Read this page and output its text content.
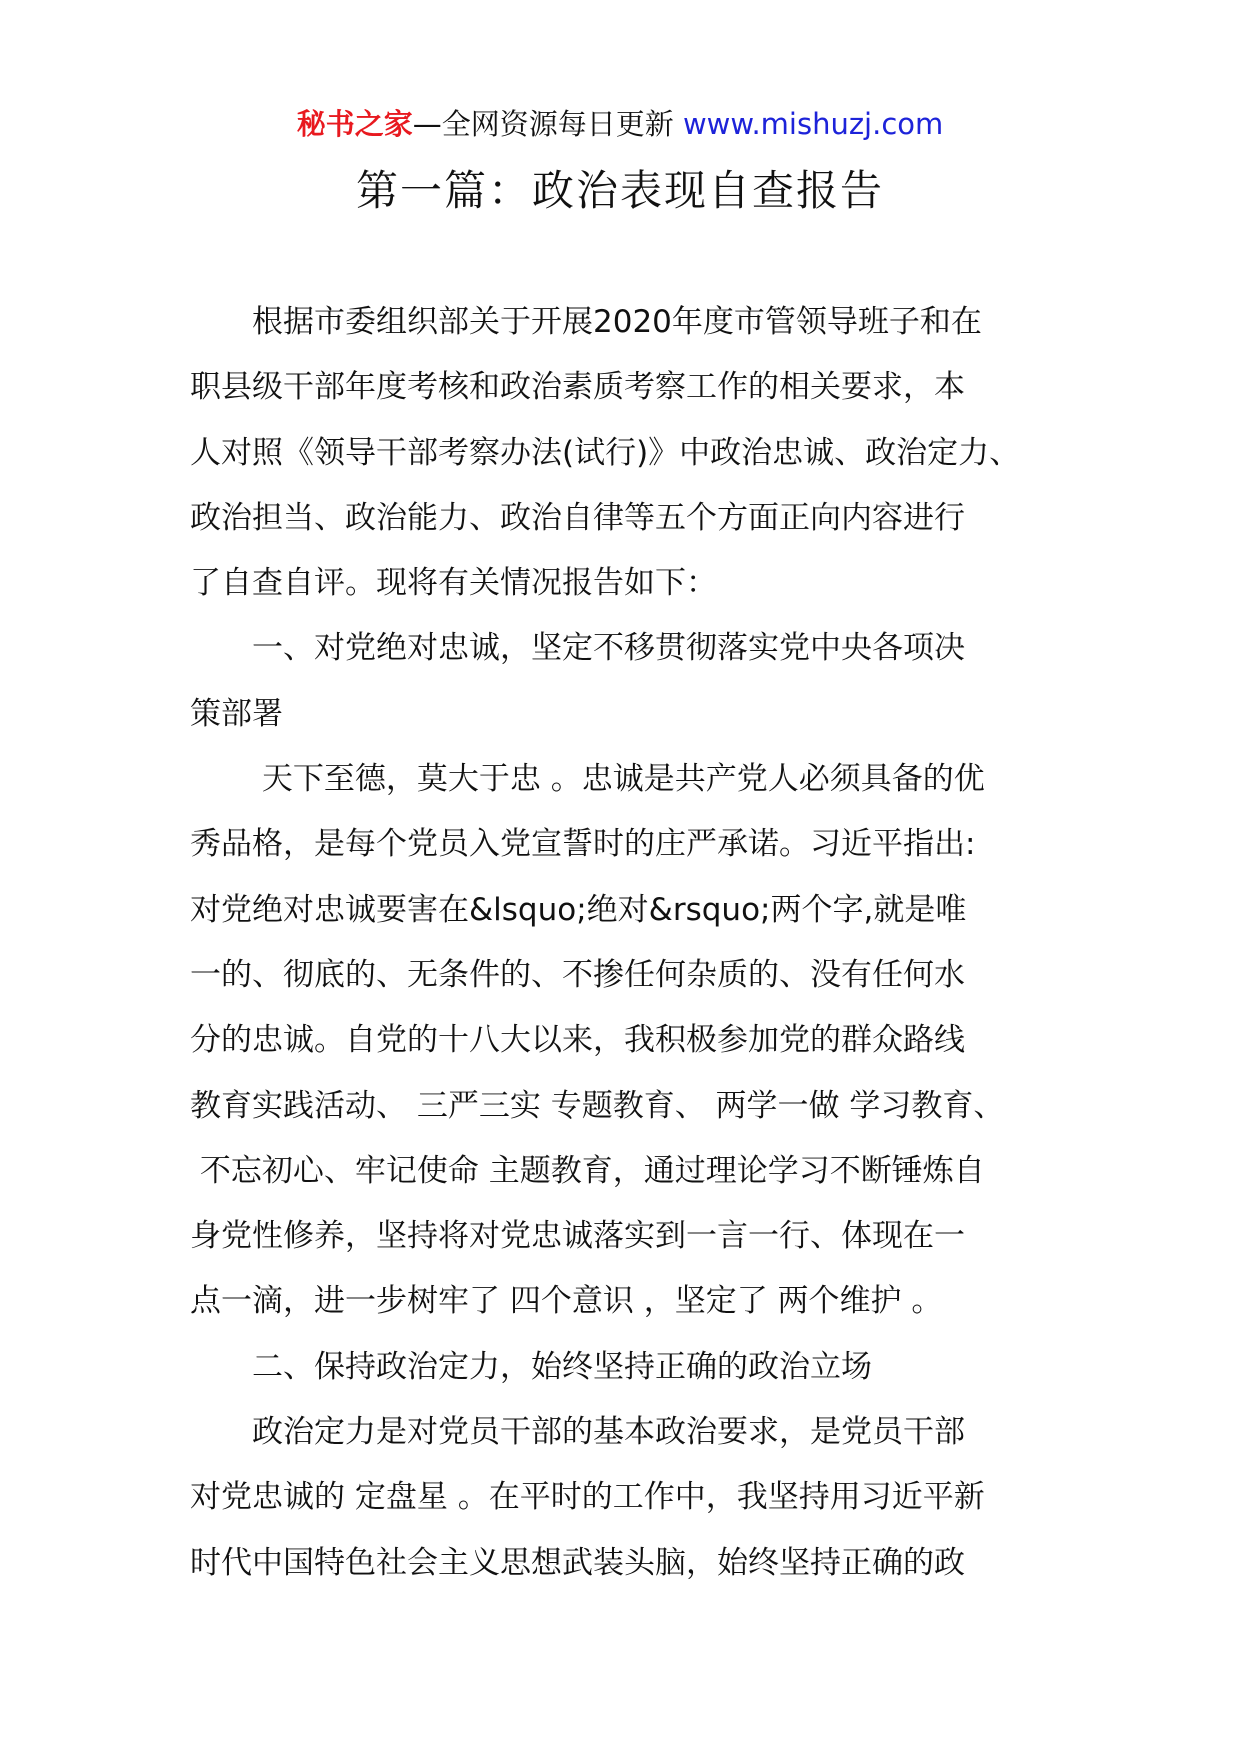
秘书之家—全网资源每日更新 www.mishuzj.com
第一篇：政治表现自查报告
　　根据市委组织部关于开展2020年度市管领导班子和在
职县级干部年度考核和政治素质考察工作的相关要求，本
人对照《领导干部考察办法(试行)》中政治忠诚、政治定力、
政治担当、政治能力、政治自律等五个方面正向内容进行
了自查自评。现将有关情况报告如下：
　　一、对党绝对忠诚，坚定不移贯彻落实党中央各项决
策部署
　　 天下至德，莫大于忠 。忠诚是共产党人必须具备的优
秀品格，是每个党员入党宣誓时的庄严承诺。习近平指出:
对党绝对忠诚要害在&lsquo;绝对&rsquo;两个字,就是唯
一的、彻底的、无条件的、不掺任何杂质的、没有任何水
分的忠诚。自党的十八大以来，我积极参加党的群众路线
教育实践活动、 三严三实 专题教育、 两学一做 学习教育、
不忘初心、牢记使命 主题教育，通过理论学习不断锤炼自
身党性修养，坚持将对党忠诚落实到一言一行、体现在一
点一滴，进一步树牢了 四个意识 ，坚定了 两个维护 。
　　二、保持政治定力，始终坚持正确的政治立场
　　政治定力是对党员干部的基本政治要求，是党员干部
对党忠诚的 定盘星 。在平时的工作中，我坚持用习近平新
时代中国特色社会主义思想武装头脑，始终坚持正确的政
